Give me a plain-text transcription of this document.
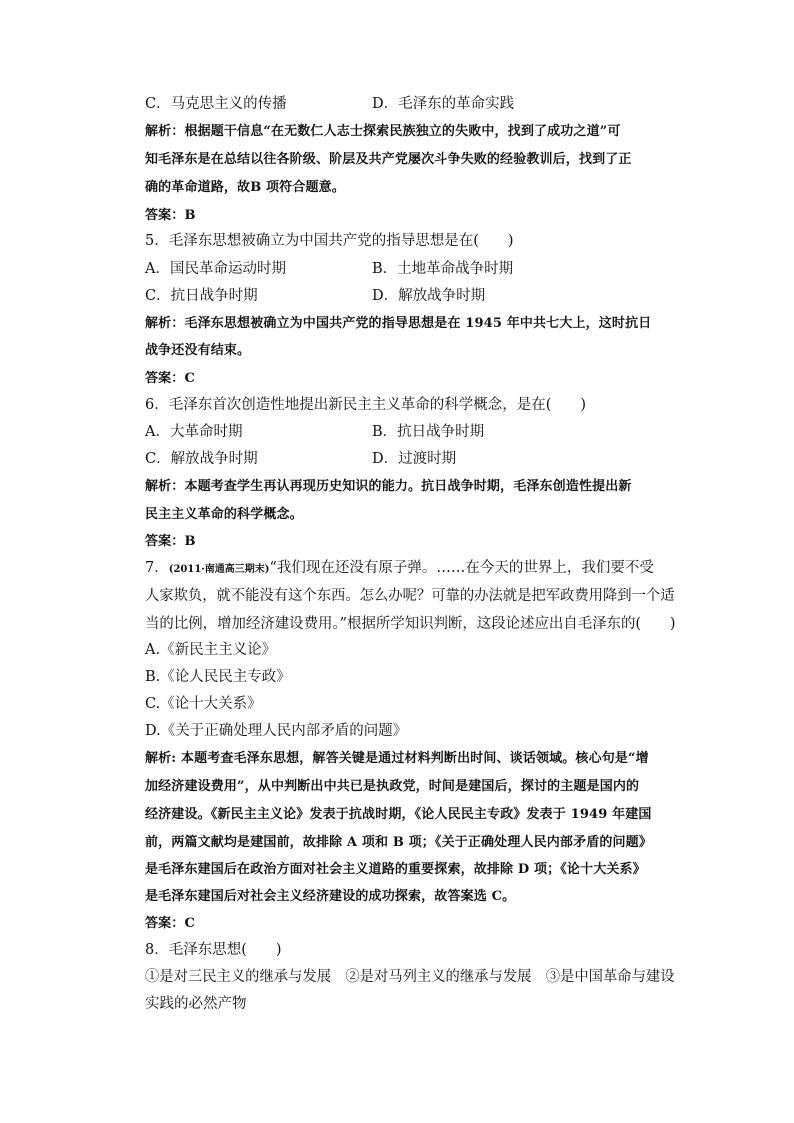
C．马克思主义的传播	D．毛泽东的革命实践
解析：根据题干信息“在无数仁人志士探索民族独立的失败中，找到了成功之道”可
知毛泽东是在总结以往各阶级、阶层及共产党屡次斗争失败的经验教训后，找到了正
确的革命道路，故B 项符合题意。
答案：B
5．毛泽东思想被确立为中国共产党的指导思想是在(　　)
A．国民革命运动时期	B．土地革命战争时期
C．抗日战争时期	D．解放战争时期
解析：毛泽东思想被确立为中国共产党的指导思想是在 1945 年中共七大上，这时抗日
战争还没有结束。
答案：C
6．毛泽东首次创造性地提出新民主主义革命的科学概念，是在(　　)
A．大革命时期	B．抗日战争时期
C．解放战争时期	D．过渡时期
解析：本题考查学生再认再现历史知识的能力。抗日战争时期，毛泽东创造性提出新
民主主义革命的科学概念。
答案：B
7．(2011·南通高三期末)“我们现在还没有原子弹。……在今天的世界上，我们要不受
人家欺负，就不能没有这个东西。怎么办呢？可靠的办法就是把军政费用降到一个适
当的比例，增加经济建设费用。”根据所学知识判断，这段论述应出自毛泽东的(　　)
A.《新民主主义论》
B.《论人民民主专政》
C.《论十大关系》
D.《关于正确处理人民内部矛盾的问题》
解析: 本题考查毛泽东思想，解答关键是通过材料判断出时间、谈话领域。核心句是“增
加经济建设费用”，从中判断出中共已是执政党，时间是建国后，探讨的主题是国内的
经济建设。《新民主主义论》发表于抗战时期，《论人民民主专政》发表于 1949 年建国
前，两篇文献均是建国前，故排除 A 项和 B 项；《关于正确处理人民内部矛盾的问题》
是毛泽东建国后在政治方面对社会主义道路的重要探索，故排除 D 项；《论十大关系》
是毛泽东建国后对社会主义经济建设的成功探索，故答案选 C。
答案：C
8．毛泽东思想(　　)
①是对三民主义的继承与发展　②是对马列主义的继承与发展　③是中国革命与建设
实践的必然产物
